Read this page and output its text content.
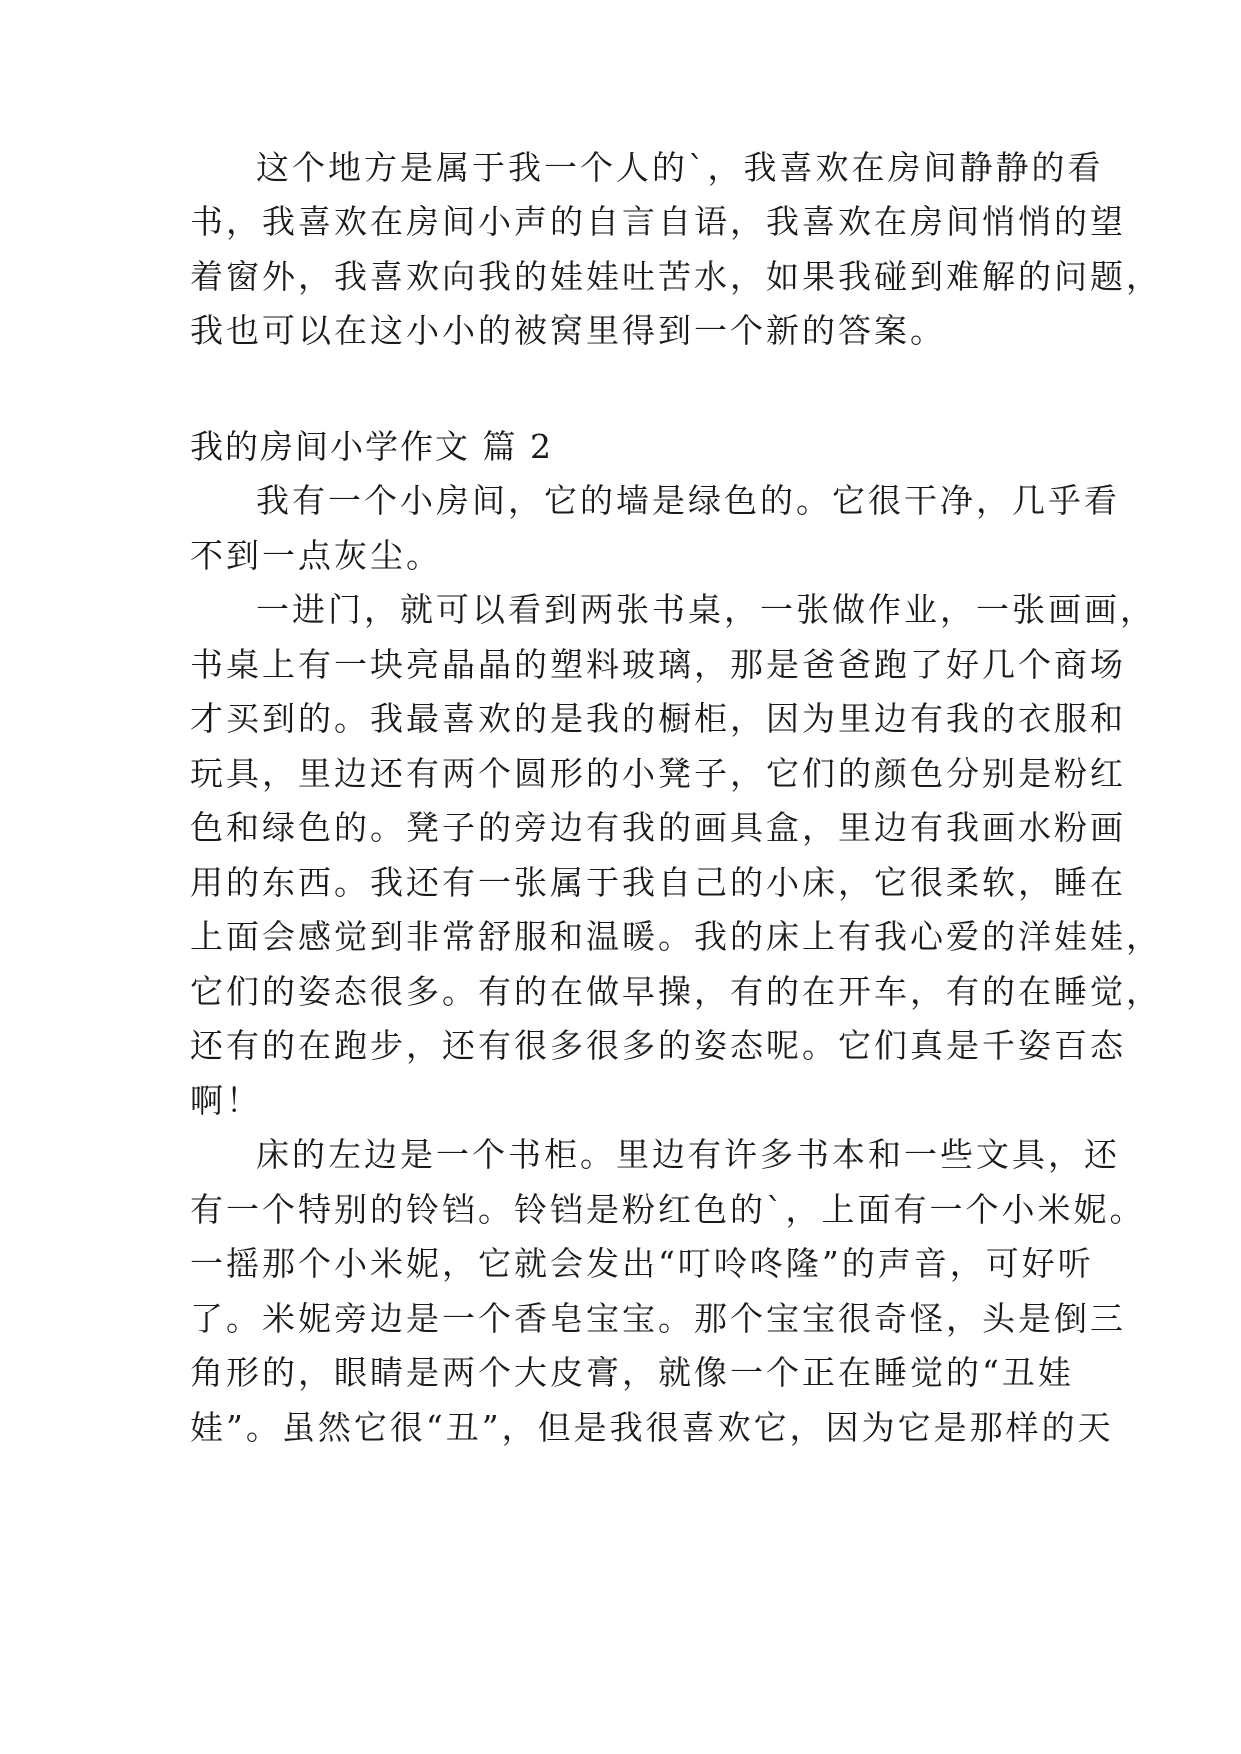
这个地方是属于我一个人的`，我喜欢在房间静静的看
书，我喜欢在房间小声的自言自语，我喜欢在房间悄悄的望
着窗外，我喜欢向我的娃娃吐苦水，如果我碰到难解的问题，
我也可以在这小小的被窝里得到一个新的答案。
我的房间小学作文 篇 2
我有一个小房间，它的墙是绿色的。它很干净，几乎看
不到一点灰尘。
一进门，就可以看到两张书桌，一张做作业，一张画画，
书桌上有一块亮晶晶的塑料玻璃，那是爸爸跑了好几个商场
才买到的。我最喜欢的是我的橱柜，因为里边有我的衣服和
玩具，里边还有两个圆形的小凳子，它们的颜色分别是粉红
色和绿色的。凳子的旁边有我的画具盒，里边有我画水粉画
用的东西。我还有一张属于我自己的小床，它很柔软，睡在
上面会感觉到非常舒服和温暖。我的床上有我心爱的洋娃娃，
它们的姿态很多。有的在做早操，有的在开车，有的在睡觉，
还有的在跑步，还有很多很多的姿态呢。它们真是千姿百态
啊！
床的左边是一个书柜。里边有许多书本和一些文具，还
有一个特别的铃铛。铃铛是粉红色的`，上面有一个小米妮。
一摇那个小米妮，它就会发出“叮呤咚隆”的声音，可好听
了。米妮旁边是一个香皂宝宝。那个宝宝很奇怪，头是倒三
角形的，眼睛是两个大皮膏，就像一个正在睡觉的“丑娃
娃”。虽然它很“丑”，但是我很喜欢它，因为它是那样的天
